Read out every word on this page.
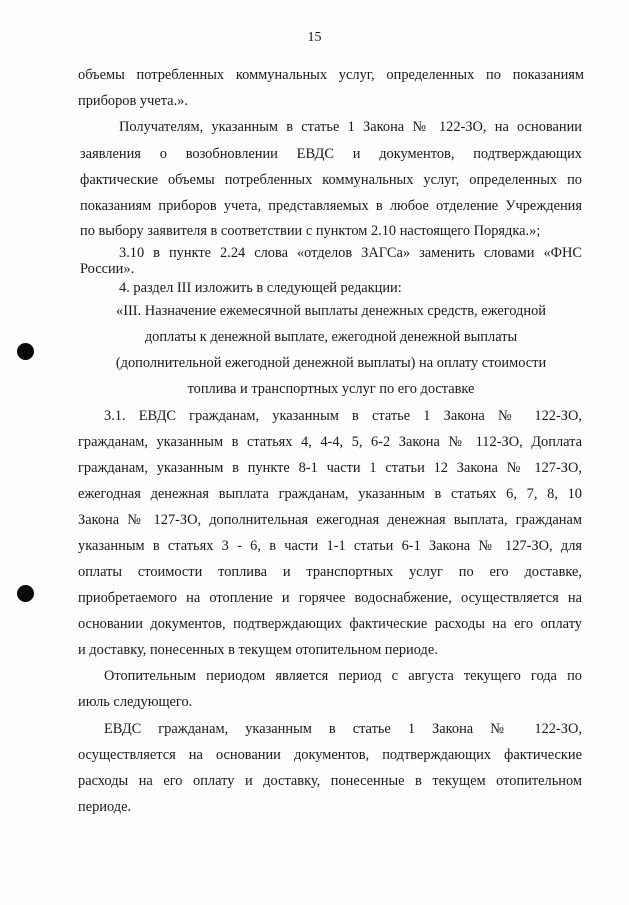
15
объемы потребленных коммунальных услуг, определенных по показаниям
приборов учета.».
Получателям, указанным в статье 1 Закона № 122-ЗО, на основании
заявления о возобновлении ЕВДС и документов, подтверждающих
фактические объемы потребленных коммунальных услуг, определенных по
показаниям приборов учета, представляемых в любое отделение Учреждения
по выбору заявителя в соответствии с пунктом 2.10 настоящего Порядка.»;
3.10 в пункте 2.24 слова «отделов ЗАГСа» заменить словами «ФНС
России».
4. раздел III изложить в следующей редакции:
«III. Назначение ежемесячной выплаты денежных средств, ежегодной
доплаты к денежной выплате, ежегодной денежной выплаты
(дополнительной ежегодной денежной выплаты) на оплату стоимости
топлива и транспортных услуг по его доставке
3.1. ЕВДС гражданам, указанным в статье 1 Закона № 122-ЗО,
гражданам, указанным в статьях 4, 4-4, 5, 6-2 Закона № 112-ЗО, Доплата
гражданам, указанным в пункте 8-1 части 1 статьи 12 Закона № 127-ЗО,
ежегодная денежная выплата гражданам, указанным в статьях 6, 7, 8, 10
Закона № 127-ЗО, дополнительная ежегодная денежная выплата, гражданам
указанным в статьях 3 - 6, в части 1-1 статьи 6-1 Закона № 127-ЗО, для
оплаты стоимости топлива и транспортных услуг по его доставке,
приобретаемого на отопление и горячее водоснабжение, осуществляется на
основании документов, подтверждающих фактические расходы на его оплату
и доставку, понесенных в текущем отопительном периоде.
Отопительным периодом является период с августа текущего года по
июль следующего.
ЕВДС гражданам, указанным в статье 1 Закона № 122-ЗО,
осуществляется на основании документов, подтверждающих фактические
расходы на его оплату и доставку, понесенные в текущем отопительном
периоде.
